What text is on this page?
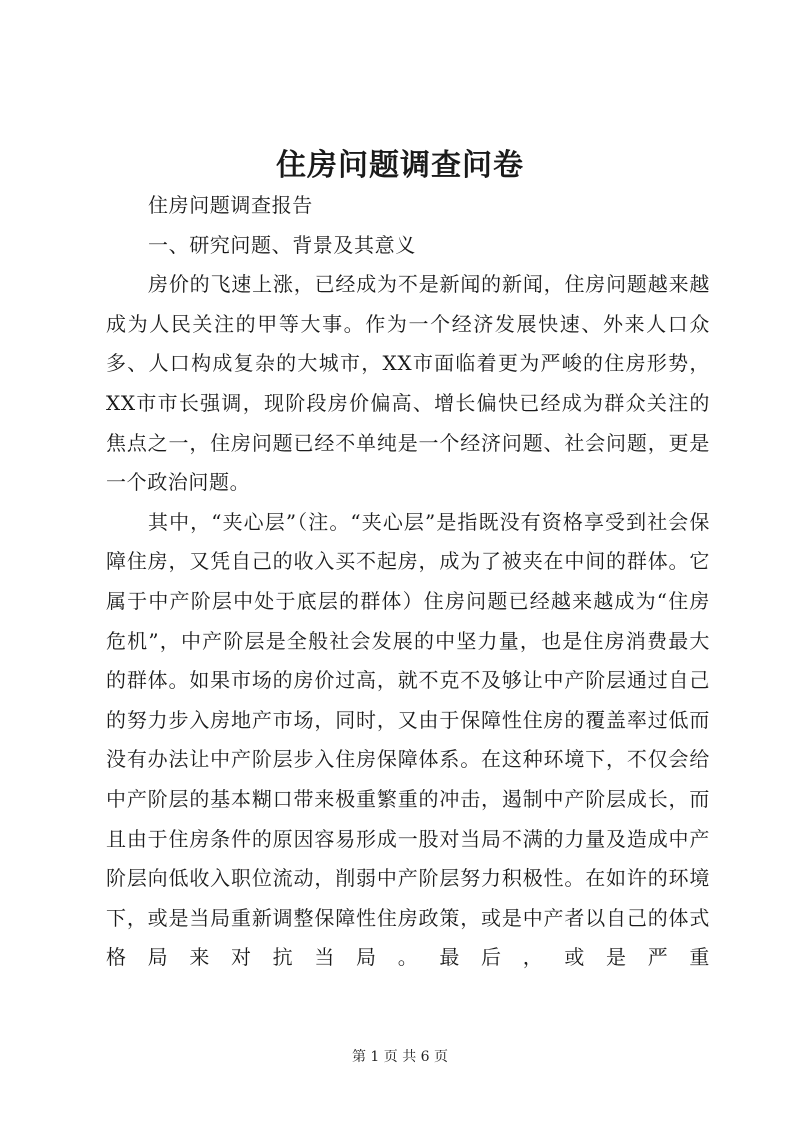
住房问题调查问卷

住房问题调查报告

一、研究问题、背景及其意义

房价的飞速上涨，已经成为不是新闻的新闻，住房问题越来越成为人民关注的甲等大事。作为一个经济发展快速、外来人口众多、人口构成复杂的大城市，XX市面临着更为严峻的住房形势，XX市市长强调，现阶段房价偏高、增长偏快已经成为群众关注的焦点之一，住房问题已经不单纯是一个经济问题、社会问题，更是一个政治问题。

其中，“夹心层”（注。“夹心层”是指既没有资格享受到社会保障住房，又凭自己的收入买不起房，成为了被夹在中间的群体。它属于中产阶层中处于底层的群体）住房问题已经越来越成为“住房危机”，中产阶层是全般社会发展的中坚力量，也是住房消费最大的群体。如果市场的房价过高，就不克不及够让中产阶层通过自己的努力步入房地产市场，同时，又由于保障性住房的覆盖率过低而没有办法让中产阶层步入住房保障体系。在这种环境下，不仅会给中产阶层的基本糊口带来极重繁重的冲击，遏制中产阶层成长，而且由于住房条件的原因容易形成一股对当局不满的力量及造成中产阶层向低收入职位流动，削弱中产阶层努力积极性。在如许的环境下，或是当局重新调整保障性住房政策，或是中产者以自己的体式格局来对抗当局。最后，或是严重

第 1 页 共 6 页
